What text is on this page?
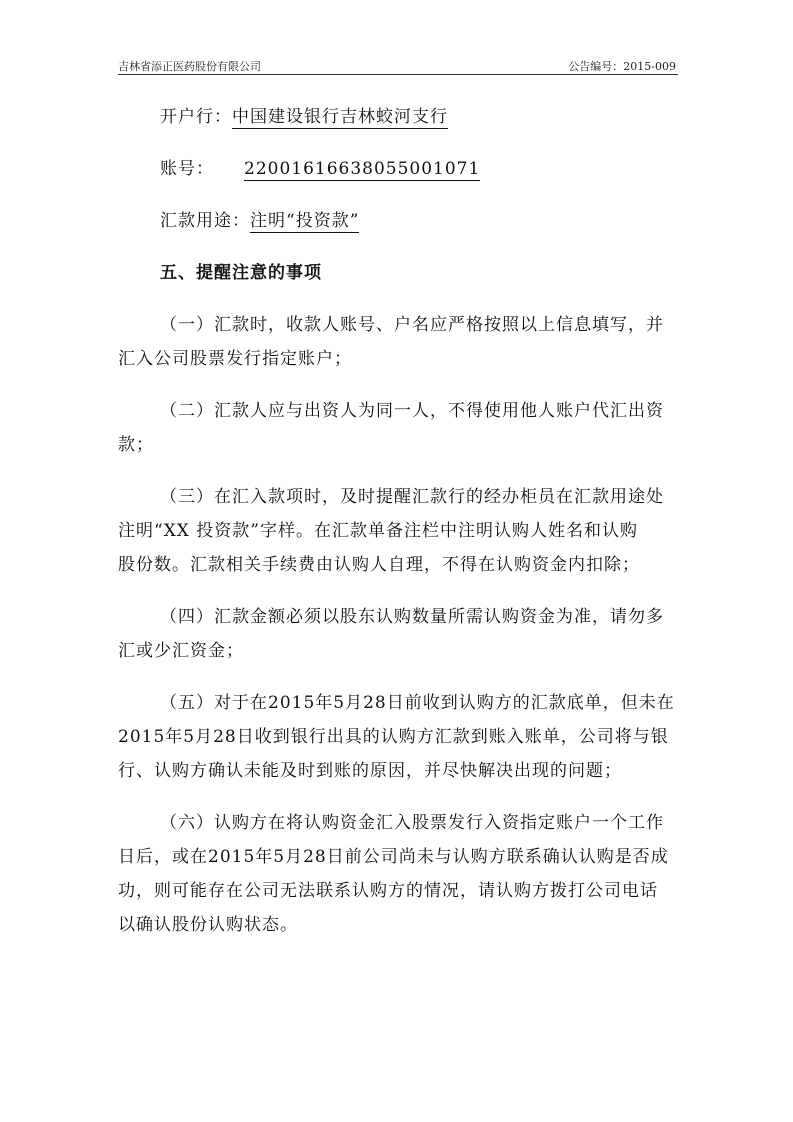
吉林省添正医药股份有限公司	公告编号：2015-009
开户行：中国建设银行吉林蛟河支行
账号： 22001616638055001071
汇款用途：注明“投资款”
五、提醒注意的事项
（一）汇款时，收款人账号、户名应严格按照以上信息填写，并
汇入公司股票发行指定账户；
（二）汇款人应与出资人为同一人，不得使用他人账户代汇出资
款；
（三）在汇入款项时，及时提醒汇款行的经办柜员在汇款用途处
注明“XX 投资款”字样。在汇款单备注栏中注明认购人姓名和认购
股份数。汇款相关手续费由认购人自理，不得在认购资金内扣除；
（四）汇款金额必须以股东认购数量所需认购资金为准，请勿多
汇或少汇资金；
（五）对于在2015年5月28日前收到认购方的汇款底单，但未在
2015年5月28日收到银行出具的认购方汇款到账入账单，公司将与银
行、认购方确认未能及时到账的原因，并尽快解决出现的问题；
（六）认购方在将认购资金汇入股票发行入资指定账户一个工作
日后，或在2015年5月28日前公司尚未与认购方联系确认认购是否成
功，则可能存在公司无法联系认购方的情况，请认购方拨打公司电话
以确认股份认购状态。
